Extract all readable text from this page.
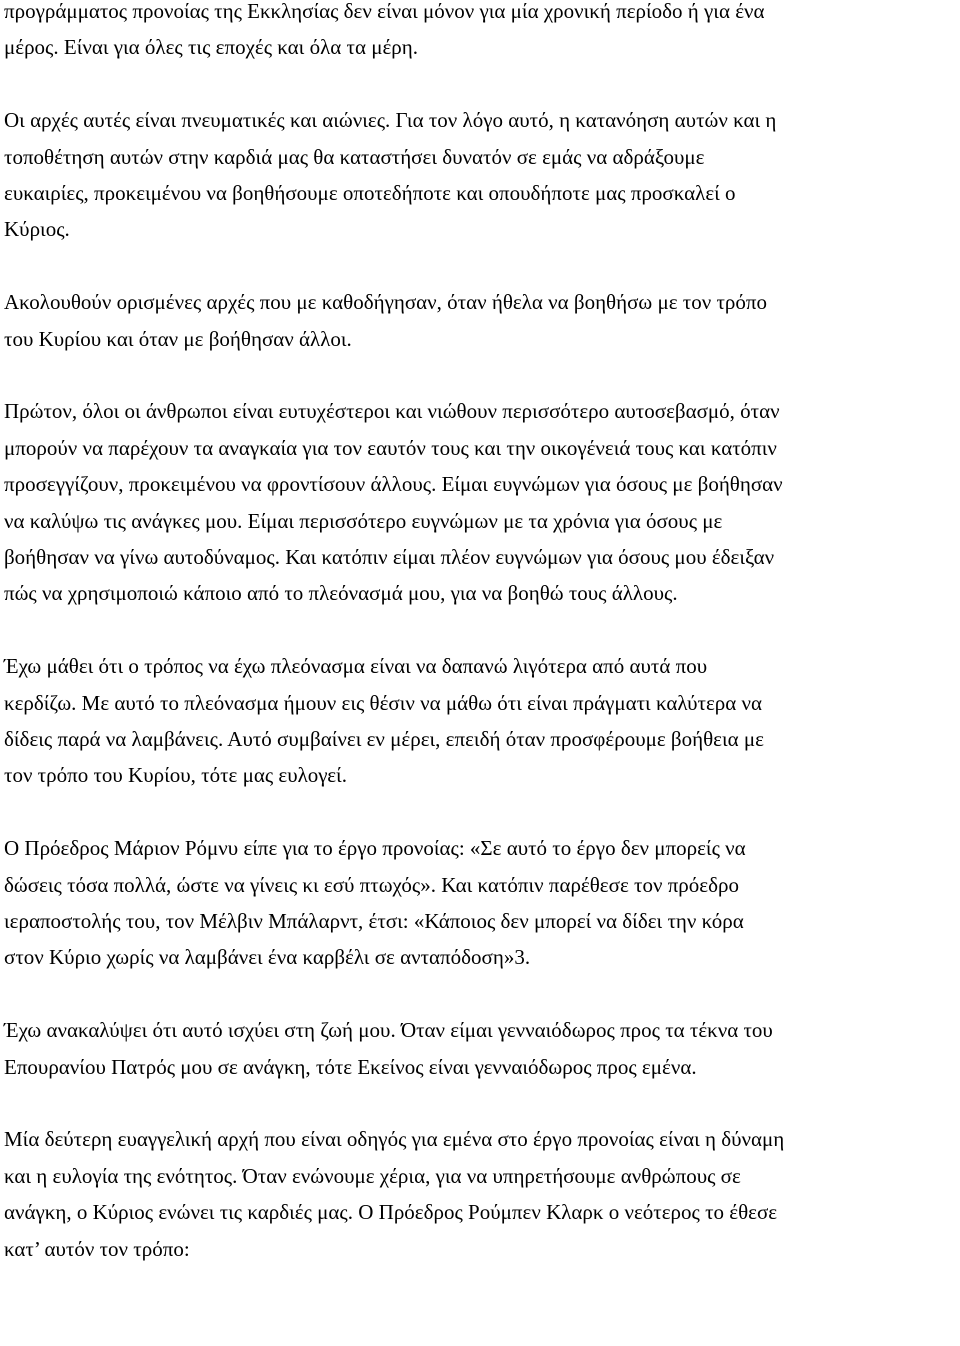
προγράμματος προνοίας της Εκκλησίας δεν είναι μόνον για μία χρονική περίοδο ή για ένα
μέρος. Είναι για όλες τις εποχές και όλα τα μέρη.

Οι αρχές αυτές είναι πνευματικές και αιώνιες. Για τον λόγο αυτό, η κατανόηση αυτών και η
τοποθέτηση αυτών στην καρδιά μας θα καταστήσει δυνατόν σε εμάς να αδράξουμε
ευκαιρίες, προκειμένου να βοηθήσουμε οποτεδήποτε και οπουδήποτε μας προσκαλεί ο
Κύριος.

Ακολουθούν ορισμένες αρχές που με καθοδήγησαν, όταν ήθελα να βοηθήσω με τον τρόπο
του Κυρίου και όταν με βοήθησαν άλλοι.

Πρώτον, όλοι οι άνθρωποι είναι ευτυχέστεροι και νιώθουν περισσότερο αυτοσεβασμό, όταν
μπορούν να παρέχουν τα αναγκαία για τον εαυτόν τους και την οικογένειά τους και κατόπιν
προσεγγίζουν, προκειμένου να φροντίσουν άλλους. Είμαι ευγνώμων για όσους με βοήθησαν
να καλύψω τις ανάγκες μου. Είμαι περισσότερο ευγνώμων με τα χρόνια για όσους με
βοήθησαν να γίνω αυτοδύναμος. Και κατόπιν είμαι πλέον ευγνώμων για όσους μου έδειξαν
πώς να χρησιμοποιώ κάποιο από το πλεόνασμά μου, για να βοηθώ τους άλλους.

Έχω μάθει ότι ο τρόπος να έχω πλεόνασμα είναι να δαπανώ λιγότερα από αυτά που
κερδίζω. Με αυτό το πλεόνασμα ήμουν εις θέσιν να μάθω ότι είναι πράγματι καλύτερα να
δίδεις παρά να λαμβάνεις. Αυτό συμβαίνει εν μέρει, επειδή όταν προσφέρουμε βοήθεια με
τον τρόπο του Κυρίου, τότε μας ευλογεί.

Ο Πρόεδρος Μάριον Ρόμνυ είπε για το έργο προνοίας: «Σε αυτό το έργο δεν μπορείς να
δώσεις τόσα πολλά, ώστε να γίνεις κι εσύ πτωχός». Και κατόπιν παρέθεσε τον πρόεδρο
ιεραποστολής του, τον Μέλβιν Μπάλαρντ, έτσι: «Κάποιος δεν μπορεί να δίδει την κόρα
στον Κύριο χωρίς να λαμβάνει ένα καρβέλι σε ανταπόδοση»3.

Έχω ανακαλύψει ότι αυτό ισχύει στη ζωή μου. Όταν είμαι γενναιόδωρος προς τα τέκνα του
Επουρανίου Πατρός μου σε ανάγκη, τότε Εκείνος είναι γενναιόδωρος προς εμένα.

Μία δεύτερη ευαγγελική αρχή που είναι οδηγός για εμένα στο έργο προνοίας είναι η δύναμη
και η ευλογία της ενότητος. Όταν ενώνουμε χέρια, για να υπηρετήσουμε ανθρώπους σε
ανάγκη, ο Κύριος ενώνει τις καρδιές μας. Ο Πρόεδρος Ρούμπεν Κλαρκ ο νεότερος το έθεσε
κατ’ αυτόν τον τρόπο:
